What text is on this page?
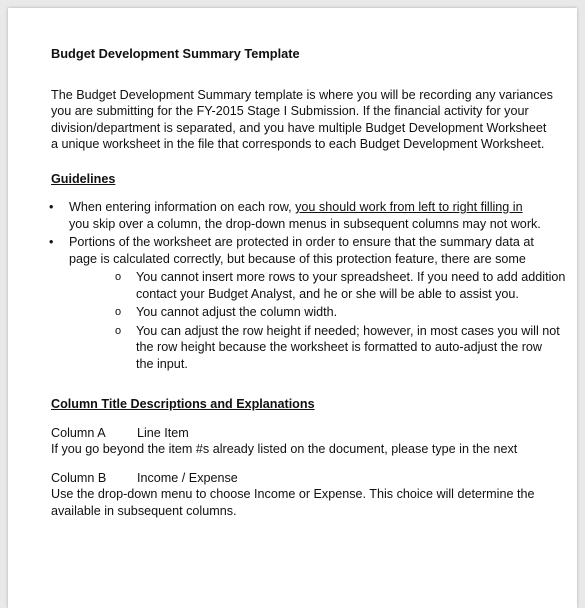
Budget Development Summary Template
The Budget Development Summary template is where you will be recording any variances
you are submitting for the FY-2015 Stage I Submission. If the financial activity for your
division/department is separated, and you have multiple Budget Development Worksheet
a unique worksheet in the file that corresponds to each Budget Development Worksheet.
Guidelines
• When entering information on each row, you should work from left to right filling in
you skip over a column, the drop-down menus in subsequent columns may not work.
• Portions of the worksheet are protected in order to ensure that the summary data at
page is calculated correctly, but because of this protection feature, there are some
o You cannot insert more rows to your spreadsheet. If you need to add addition
contact your Budget Analyst, and he or she will be able to assist you.
o You cannot adjust the column width.
o You can adjust the row height if needed; however, in most cases you will not
the row height because the worksheet is formatted to auto-adjust the row
the input.
Column Title Descriptions and Explanations
Column A	Line Item
If you go beyond the item #s already listed on the document, please type in the next
Column B	Income / Expense
Use the drop-down menu to choose Income or Expense. This choice will determine the
available in subsequent columns.
